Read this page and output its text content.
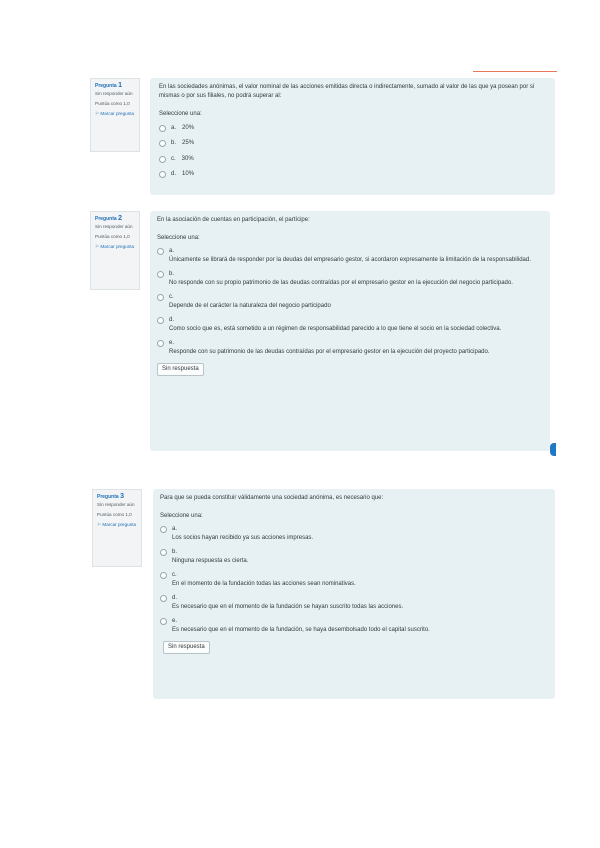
Pregunta 1
Sin responder aún
Puntúa como 1,0
⚐ Marcar pregunta
En las sociedades anónimas, el valor nominal de las acciones emitidas directa o indirectamente, sumado al valor de las que ya posean por sí mismas o por sus filiales, no podrá superar al:
Seleccione una:
a. 20%
b. 25%
c. 30%
d. 10%
Pregunta 2
Sin responder aún
Puntúa como 1,0
⚐ Marcar pregunta
En la asociación de cuentas en participación, el partícipe:
Seleccione una:
a.
Únicamente se librará de responder por la deudas del empresario gestor, si acordaron expresamente la limitación de la responsabilidad.
b.
No responde con su propio patrimonio de las deudas contraídas por el empresario gestor en la ejecución del negocio participado.
c.
Depende de el carácter la naturaleza del negocio participado
d.
Como socio que es, está sometido a un régimen de responsabilidad parecido a lo que tiene el socio en la sociedad colectiva.
e.
Responde con su patrimonio de las deudas contraídas por el empresario gestor en la ejecución del proyecto participado.
Sin respuesta
Pregunta 3
Sin responder aún
Puntúa como 1,0
⚐ Marcar pregunta
Para que se pueda constituir válidamente una sociedad anónima, es necesario que:
Seleccione una:
a.
Los socios hayan recibido ya sus acciones impresas.
b.
Ninguna respuesta es cierta.
c.
En el momento de la fundación todas las acciones sean nominativas.
d.
Es necesario que en el momento de la fundación se hayan suscrito todas las acciones.
e.
Es necesario que en el momento de la fundación, se haya desembolsado todo el capital suscrito.
Sin respuesta
